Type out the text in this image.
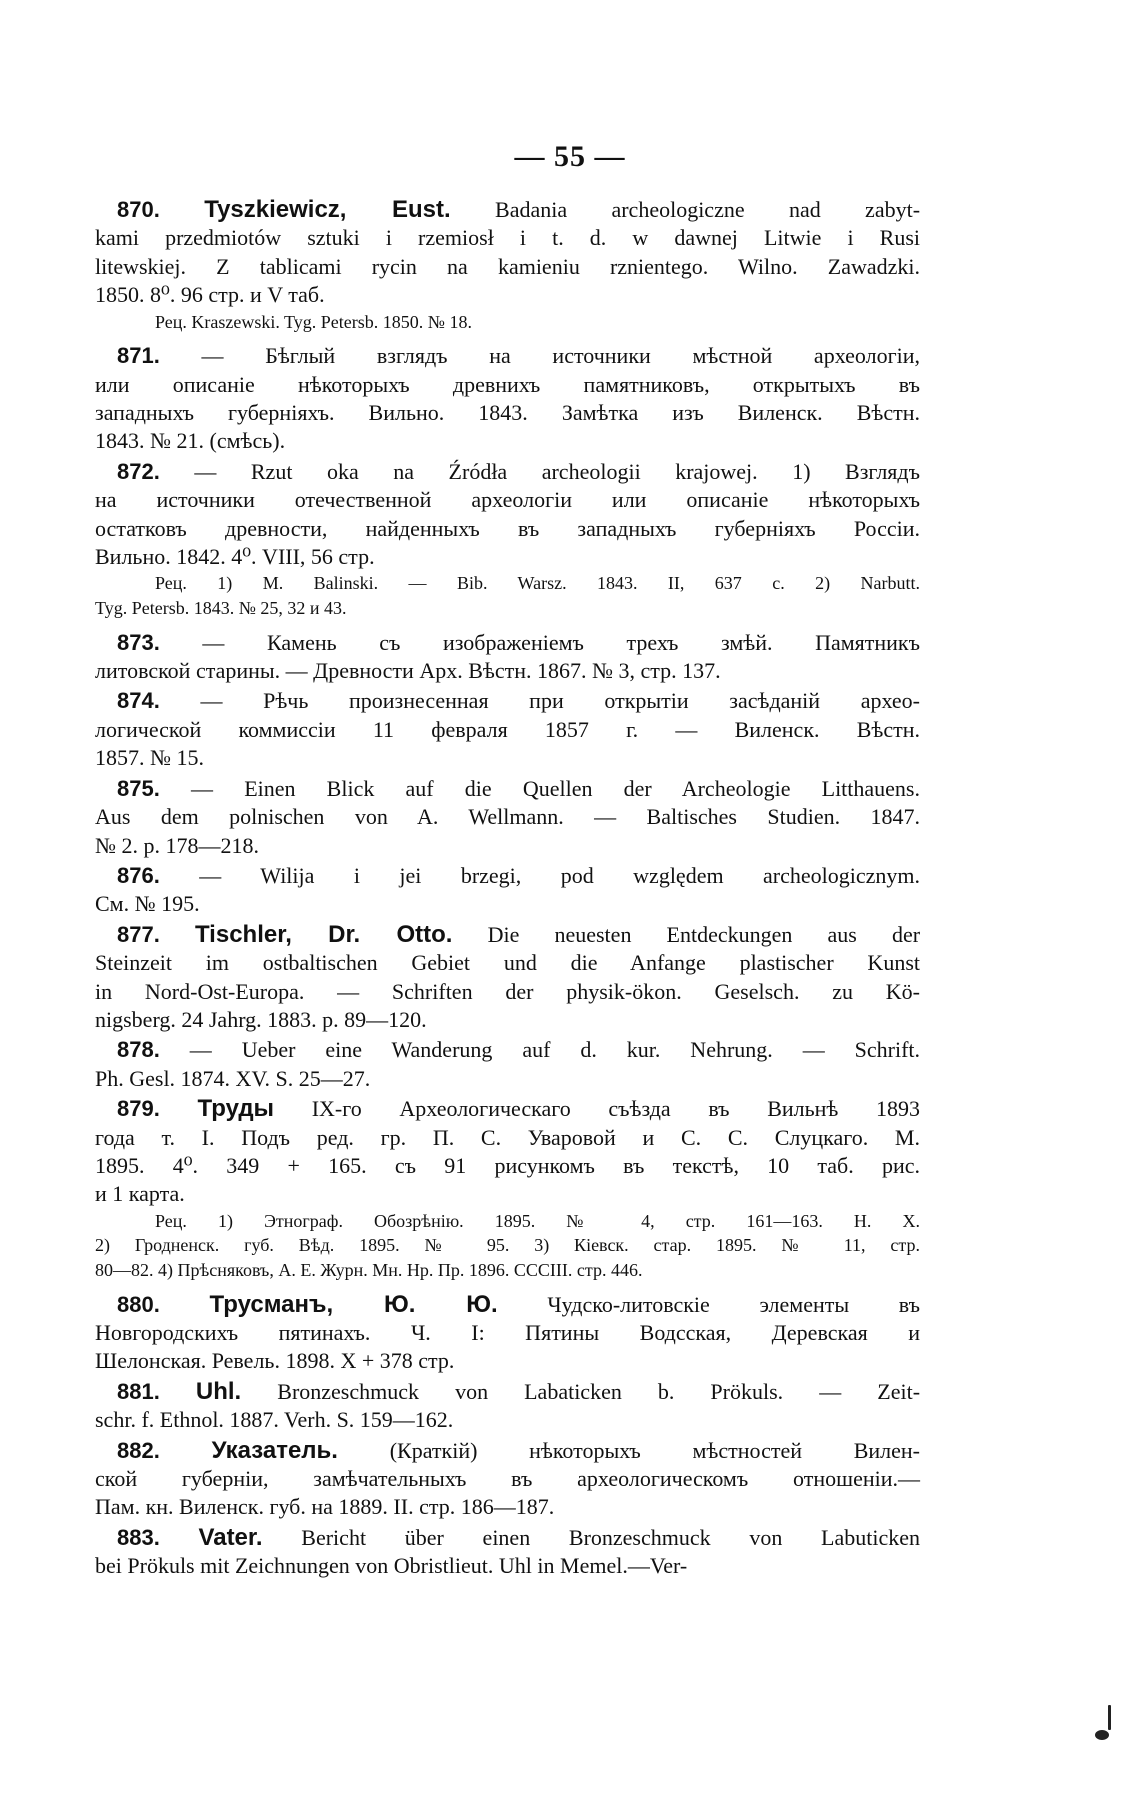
— 55 —
870. Tyszkiewicz, Eust. Badania archeologiczne nad zabyt-
kami przedmiotów sztuki i rzemiosł i t. d. w dawnej Litwie i Rusi
litewskiej. Z tablicami rycin na kamieniu rznientego. Wilno. Zawadzki.
1850. 8⁰. 96 стр. и V таб.
Рец. Kraszewski. Tyg. Petersb. 1850. № 18.
871. — Бѣглый взглядъ на источники мѣстной археологіи,
или описаніе нѣкоторыхъ древнихъ памятниковъ, открытыхъ въ
западныхъ губерніяхъ. Вильно. 1843. Замѣтка изъ Виленск. Вѣстн.
1843. № 21. (смѣсь).
872. — Rzut oka na Źródła archeologii krajowej. 1) Взглядъ
на источники отечественной археологіи или описаніе нѣкоторыхъ
остатковъ древности, найденныхъ въ западныхъ губерніяхъ Россіи.
Вильно. 1842. 4⁰. VIII, 56 стр.
Рец. 1) M. Balinski. — Bib. Warsz. 1843. II, 637 c. 2) Narbutt.
Tyg. Petersb. 1843. № 25, 32 и 43.
873. — Камень съ изображеніемъ трехъ змѣй. Памятникъ
литовской старины. — Древности Арх. Вѣстн. 1867. № 3, стр. 137.
874. — Рѣчь произнесенная при открытіи засѣданій архео-
логической коммиссіи 11 февраля 1857 г. — Виленск. Вѣстн.
1857. № 15.
875. — Einen Blick auf die Quellen der Archeologie Litthauens.
Aus dem polnischen von A. Wellmann. — Baltisches Studien. 1847.
№ 2. p. 178—218.
876. — Wilija i jei brzegi, pod względem archeologicznym.
См. № 195.
877. Tischler, Dr. Otto. Die neuesten Entdeckungen aus der
Steinzeit im ostbaltischen Gebiet und die Anfange plastischer Kunst
in Nord-Ost-Europa. — Schriften der physik-ökon. Geselsch. zu Kö-
nigsberg. 24 Jahrg. 1883. p. 89—120.
878. — Ueber eine Wanderung auf d. kur. Nehrung. — Schrift.
Ph. Gesl. 1874. XV. S. 25—27.
879. Труды IX-го Археологическаго съѣзда въ Вильнѣ 1893
года т. I. Подъ ред. гр. П. С. Уваровой и С. С. Слуцкаго. М.
1895. 4⁰. 349 + 165. съ 91 рисункомъ въ текстѣ, 10 таб. рис.
и 1 карта.
Рец. 1) Этнограф. Обозрѣнію. 1895. № 4, стр. 161—163. Н. Х.
2) Гродненск. губ. Вѣд. 1895. № 95. 3) Кіевск. стар. 1895. № 11, стр.
80—82. 4) Прѣсняковъ, А. Е. Журн. Мн. Нр. Пр. 1896. CCCIII. стр. 446.
880. Трусманъ, Ю. Ю. Чудско-литовскіе элементы въ
Новгородскихъ пятинахъ. Ч. I: Пятины Водсская, Деревская и
Шелонская. Ревель. 1898. X + 378 стр.
881. Uhl. Bronzeschmuck von Labaticken b. Prökuls. — Zeit-
schr. f. Ethnol. 1887. Verh. S. 159—162.
882. Указатель. (Краткій) нѣкоторыхъ мѣстностей Вилен-
ской губерніи, замѣчательныхъ въ археологическомъ отношеніи.—
Пам. кн. Виленск. губ. на 1889. II. стр. 186—187.
883. Vater. Bericht über einen Bronzeschmuck von Labuticken
bei Prökuls mit Zeichnungen von Obristlieut. Uhl in Memel.—Ver-
